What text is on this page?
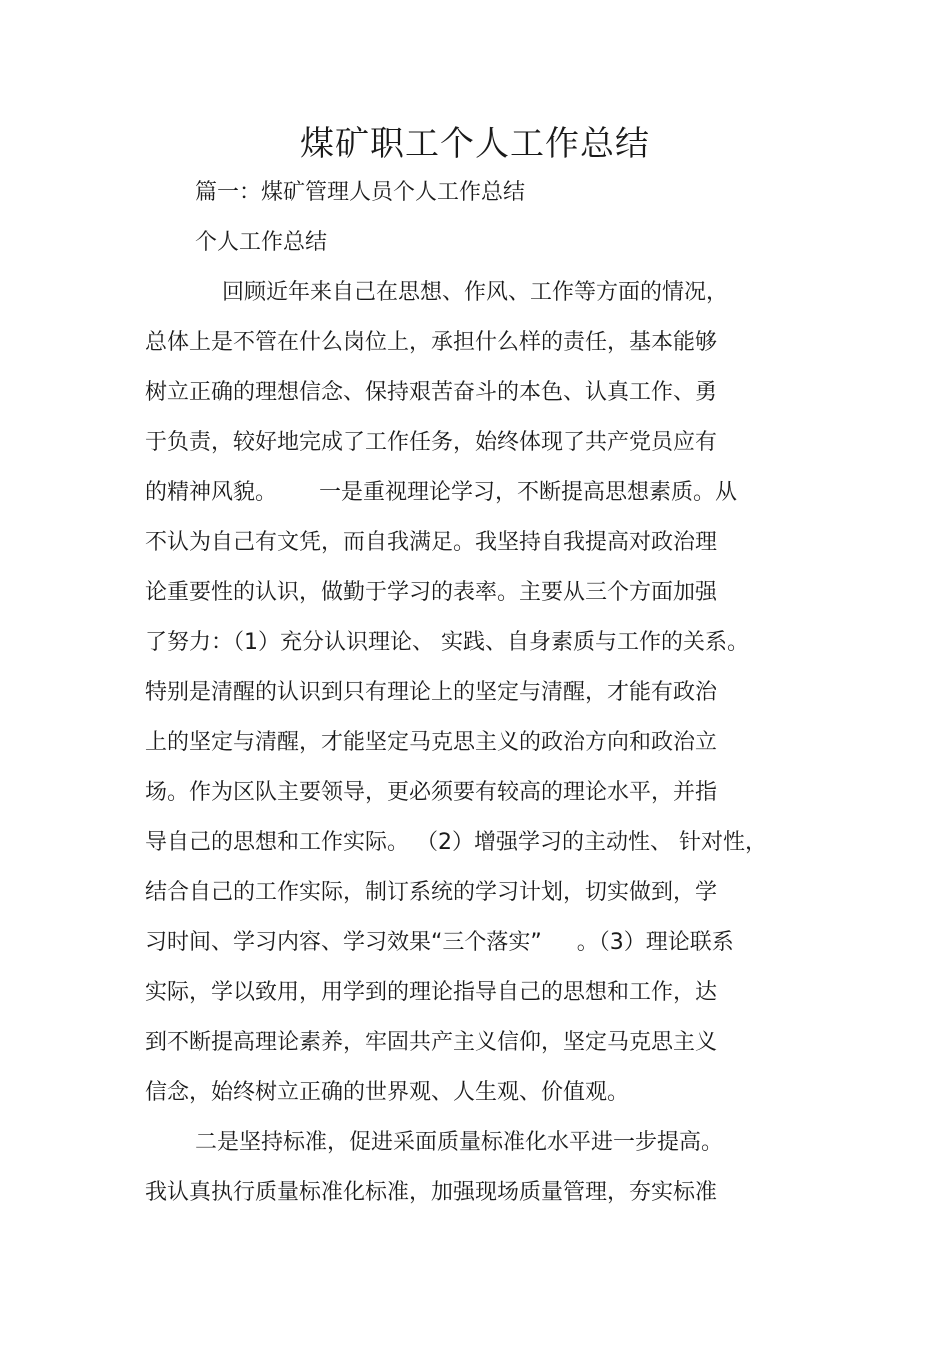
煤矿职工个人工作总结

篇一：煤矿管理人员个人工作总结

个人工作总结

回顾近年来自己在思想、作风、工作等方面的情况，

总体上是不管在什么岗位上，承担什么样的责任，基本能够

树立正确的理想信念、保持艰苦奋斗的本色、认真工作、勇

于负责，较好地完成了工作任务，始终体现了共产党员应有

的精神风貌。      一是重视理论学习，不断提高思想素质。从

不认为自己有文凭，而自我满足。我坚持自我提高对政治理

论重要性的认识，做勤于学习的表率。主要从三个方面加强

了努力：（1）充分认识理论、 实践、自身素质与工作的关系。

特别是清醒的认识到只有理论上的坚定与清醒，才能有政治

上的坚定与清醒，才能坚定马克思主义的政治方向和政治立

场。作为区队主要领导，更必须要有较高的理论水平，并指

导自己的思想和工作实际。 （2）增强学习的主动性、 针对性，

结合自己的工作实际，制订系统的学习计划，切实做到，学

习时间、学习内容、学习效果“三个落实”     。（3）理论联系

实际，学以致用，用学到的理论指导自己的思想和工作，达

到不断提高理论素养，牢固共产主义信仰，坚定马克思主义

信念，始终树立正确的世界观、人生观、价值观。

二是坚持标准，促进采面质量标准化水平进一步提高。

我认真执行质量标准化标准，加强现场质量管理，夯实标准
